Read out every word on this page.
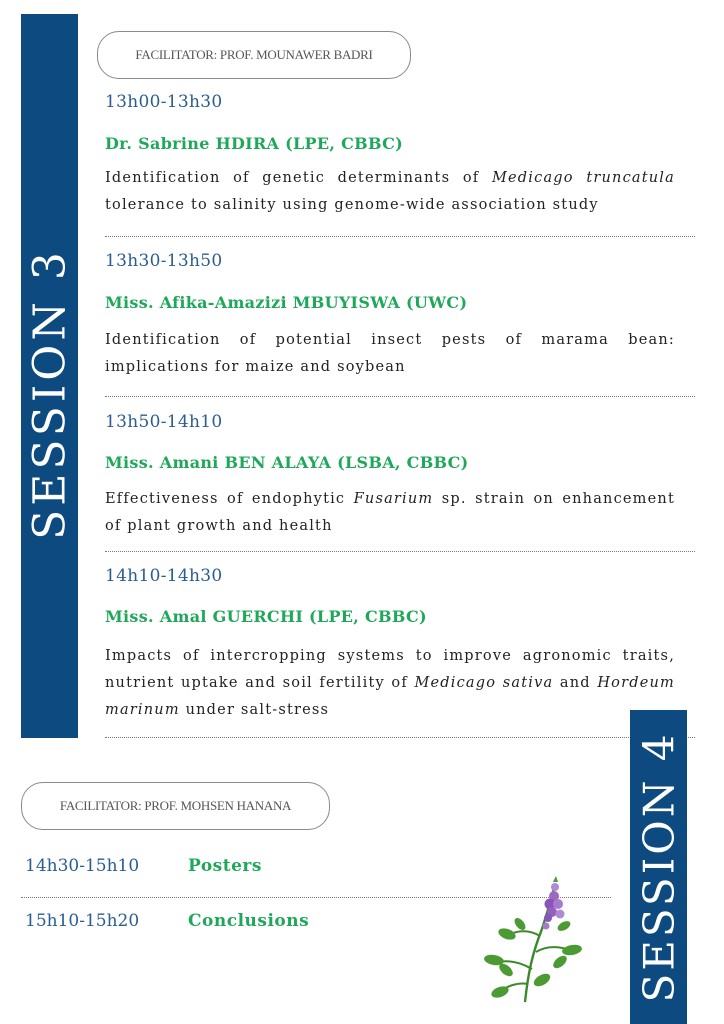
SESSION 3
FACILITATOR: PROF. MOUNAWER BADRI
13h00-13h30
Dr. Sabrine HDIRA (LPE, CBBC)
Identification of genetic determinants of Medicago truncatula tolerance to salinity using genome-wide association study
13h30-13h50
Miss. Afika-Amazizi MBUYISWA (UWC)
Identification of potential insect pests of marama bean: implications for maize and soybean
13h50-14h10
Miss. Amani BEN ALAYA (LSBA, CBBC)
Effectiveness of endophytic Fusarium sp. strain on enhancement of plant growth and health
14h10-14h30
Miss. Amal GUERCHI (LPE, CBBC)
Impacts of intercropping systems to improve agronomic traits, nutrient uptake and soil fertility of Medicago sativa and Hordeum marinum under salt-stress
FACILITATOR: PROF. MOHSEN HANANA
14h30-15h10	Posters
15h10-15h20	Conclusions	SESSION 4
